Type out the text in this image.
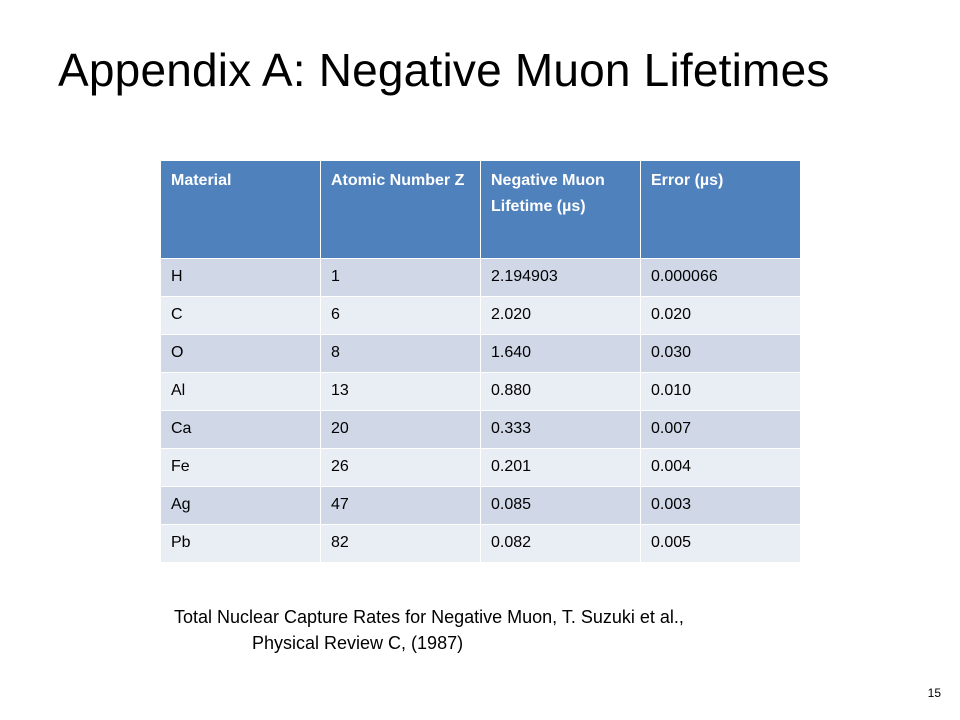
Appendix A: Negative Muon Lifetimes
Material	Atomic Number Z	Negative Muon Lifetime (µs)	Error (µs)
H	1	2.194903	0.000066
C	6	2.020	0.020
O	8	1.640	0.030
Al	13	0.880	0.010
Ca	20	0.333	0.007
Fe	26	0.201	0.004
Ag	47	0.085	0.003
Pb	82	0.082	0.005
Total Nuclear Capture Rates for Negative Muon, T. Suzuki et al.,
Physical Review C, (1987)
15
